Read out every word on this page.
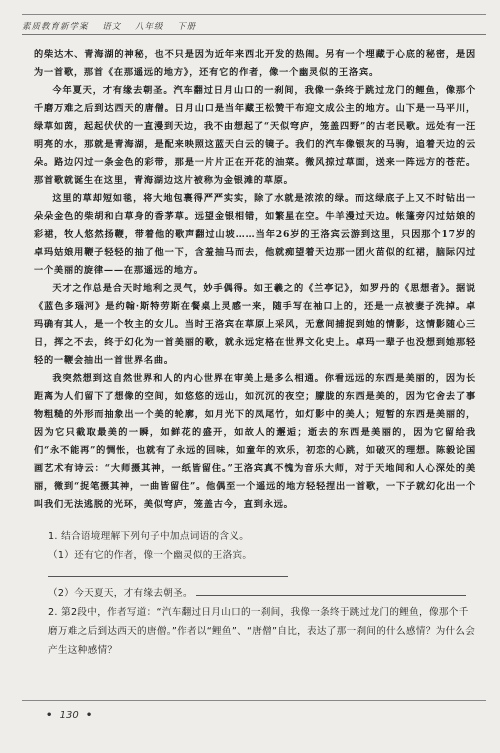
素质教育新学案 语文 八年级 下册

的柴达木、青海湖的神秘，也不只是因为近年来西北开发的热闹。另有一个埋藏于心底的秘密，是因为一首歌，那首《在那遥远的地方》，还有它的作者，像一个幽灵似的王洛宾。

今年夏天，才有缘去朝圣。汽车翻过日月山口的一刹间，我像一条终于跳过龙门的鲤鱼，像那个千磨万难之后到达西天的唐僧。日月山口是当年藏王松赞干布迎文成公主的地方。山下是一马平川，绿草如茵，起起伏伏的一直漫到天边，我不由想起了“天似穹庐，笼盖四野”的古老民歌。远处有一汪明亮的水，那就是青海湖，是配来映照这蓝天白云的镜子。我们的汽车像银灰的马驹，追着天边的云朵。路边闪过一条金色的彩带，那是一片片正在开花的油菜。微风掠过草面，送来一阵远方的苍茫。那首歌就诞生在这里，青海湖边这片被称为金银滩的草原。

这里的草却短如毯，将大地包裹得严严实实，除了水就是浓浓的绿。而这绿底子上又不时钻出一朵朵金色的柴胡和白草身的香茅草。远望金银相错，如繁星在空。牛羊漫过天边。帐篷旁闪过姑娘的彩裙，牧人悠然扬鞭，带着他的歌声翻过山坡……当年26岁的王洛宾云游到这里，只因那个17岁的卓玛姑娘用鞭子轻轻的抽了他一下，含羞抽马而去，他就痴望着天边那一团火苗似的红裙，脑际闪过一个美丽的旋律——在那遥远的地方。

天才之作总是合天时地利之灵气，妙手偶得。如王羲之的《兰亭记》，如罗丹的《思想者》。据说《蓝色多瑙河》是约翰·斯特劳斯在餐桌上灵感一来，随手写在袖口上的，还是一点被妻子洗掉。卓玛确有其人，是一个牧主的女儿。当时王洛宾在草原上采风，无意间捕捉到她的情影，这情影随心三日，挥之不去，终于幻化为一首美丽的歌，就永远定格在世界文化史上。卓玛一辈子也没想到她那轻轻的一鞭会抽出一首世界名曲。

我突然想到这自然世界和人的内心世界在审美上是多么相通。你看远远的东西是美丽的，因为长距离为人们留下了想像的空间，如悠悠的远山，如沉沉的夜空；朦胧的东西是美的，因为它舍去了事物粗糙的外形而抽象出一个美的轮廓，如月光下的凤尾竹，如灯影中的美人；短暂的东西是美丽的，因为它只截取最美的一瞬，如鲜花的盛开，如故人的邂逅；逝去的东西是美丽的，因为它留给我们“永不能再”的惆怅，也就有了永远的回味，如童年的欢乐，初恋的心跳，如破灭的理想。陈毅论国画艺术有诗云：“大师摄其神，一纸皆留住。”王洛宾真不愧为音乐大师，对于天地间和人心深处的美丽，微到“捉笔摄其神，一曲皆留住”。他偶至一个遥远的地方轻轻捏出一首歌，一下子就幻化出一个叫我们无法逃脱的光环，美似穹庐，笼盖古今，直到永远。

1. 结合语境理解下列句子中加点词语的含义。

（1）还有它的作者，像一个幽灵似的王洛宾。

（2）今天夏天，才有缘去朝圣。

2. 第2段中，作者写道：“汽车翻过日月山口的一刹间，我像一条终于跳过龙门的鲤鱼，像那个千磨万难之后到达西天的唐僧。”作者以“鲤鱼”、“唐僧”自比，表达了那一刹间的什么感情？为什么会产生这种感情？

• 130 •
